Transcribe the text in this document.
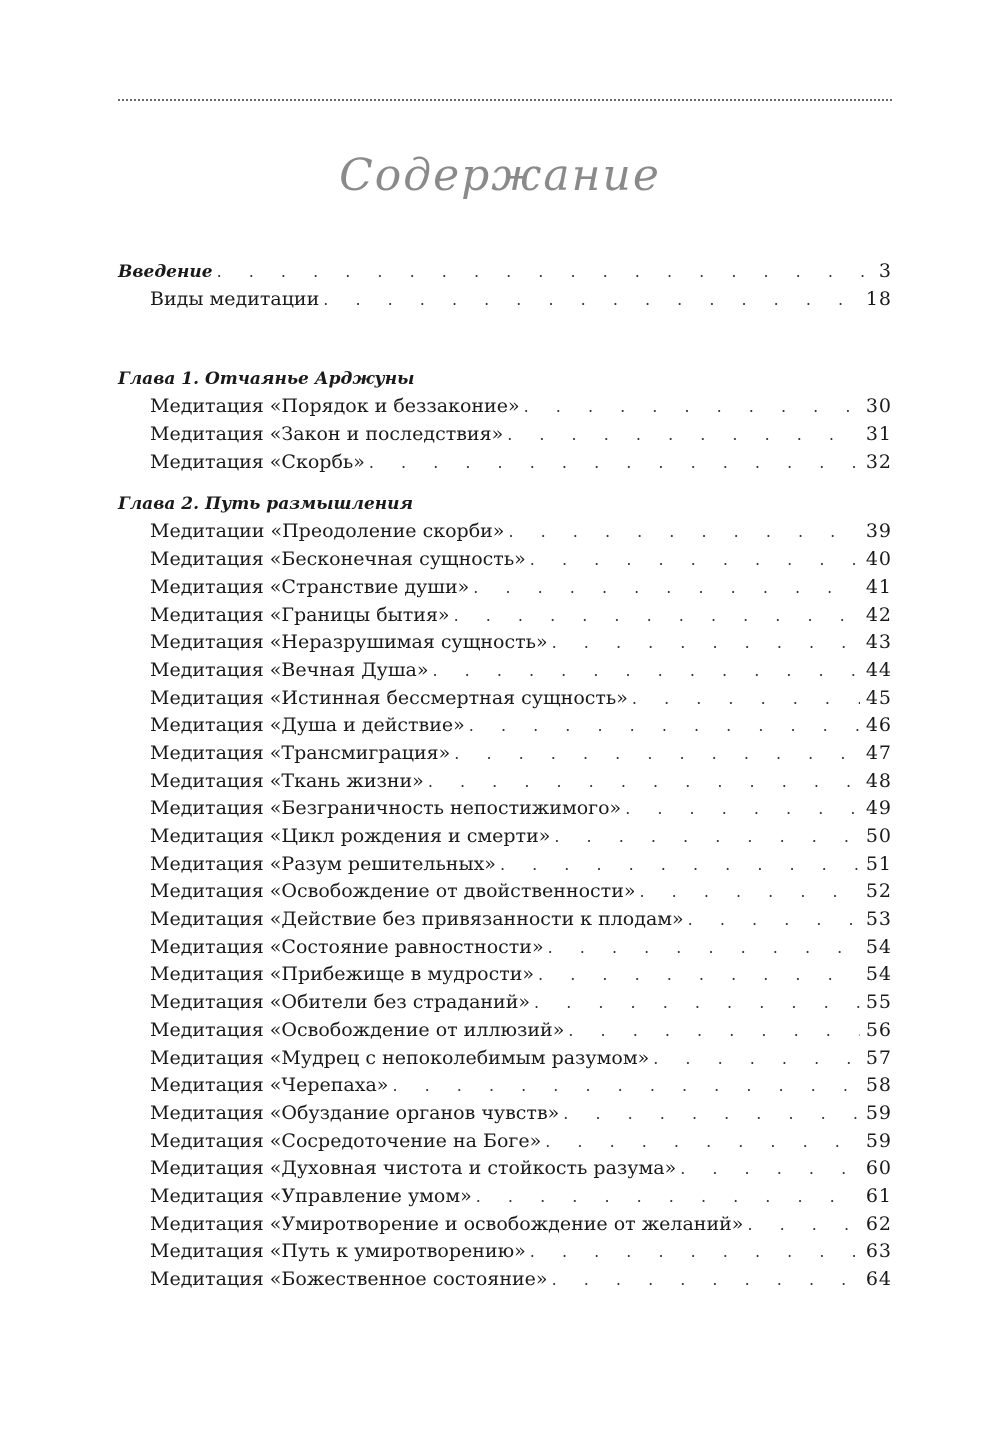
Содержание
Введение . . .	3
Виды медитации . . .	18
Глава 1. Отчаянье Арджуны
Медитация «Порядок и беззаконие» . . .	30
Медитация «Закон и последствия» . . .	31
Медитация «Скорбь» . . .	32
Глава 2. Путь размышления
Медитации «Преодоление скорби» . . .	39
Медитация «Бесконечная сущность» . . .	40
Медитация «Странствие души» . . .	41
Медитация «Границы бытия» . . .	42
Медитация «Неразрушимая сущность» . . .	43
Медитация «Вечная Душа» . . .	44
Медитация «Истинная бессмертная сущность» . . .	45
Медитация «Душа и действие» . . .	46
Медитация «Трансмиграция» . . .	47
Медитация «Ткань жизни» . . .	48
Медитация «Безграничность непостижимого» . . .	49
Медитация «Цикл рождения и смерти» . . .	50
Медитация «Разум решительных» . . .	51
Медитация «Освобождение от двойственности» . . .	52
Медитация «Действие без привязанности к плодам» . . .	53
Медитация «Состояние равностности» . . .	54
Медитация «Прибежище в мудрости» . . .	54
Медитация «Обители без страданий» . . .	55
Медитация «Освобождение от иллюзий» . . .	56
Медитация «Мудрец с непоколебимым разумом» . . .	57
Медитация «Черепаха» . . .	58
Медитация «Обуздание органов чувств» . . .	59
Медитация «Сосредоточение на Боге» . . .	59
Медитация «Духовная чистота и стойкость разума» . . .	60
Медитация «Управление умом» . . .	61
Медитация «Умиротворение и освобождение от желаний» . . .	62
Медитация «Путь к умиротворению» . . .	63
Медитация «Божественное состояние» . . .	64
